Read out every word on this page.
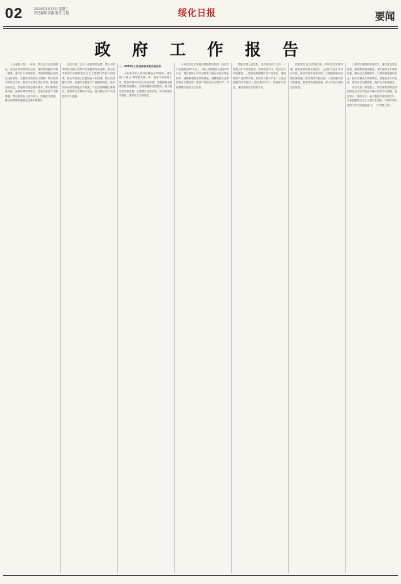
02	2024年3月13日 星期三
责任编辑 刘鑫 版式 王磊	绥化日报	要闻
政 府 工 作 报 告

（上接第一版）一年来，我们全力以赴稳增长，经济运行持续回升向好。坚持把发展作为第一要务，着力扩大有效需求，巩固和增强经济回升向好态势，主要经济指标好于预期。我们坚持实体经济为本，推动产业体系优化升级，新动能加快成长，发展质量效益稳步提升。我们坚持改革开放，营商环境持续优化，经营主体活力不断增强。我们坚持以人民为中心，加强民生保障，群众获得感幸福感安全感不断提升。

各位代表！过去一年取得的成绩，是以习近平同志为核心的党中央坚强领导的结果，是习近平新时代中国特色社会主义思想科学指引的结果，是全市各族人民团结奋斗的结果。我们也清醒认识到，发展中还面临不少困难和挑战，经济回升向好的基础还不稳固，产业结构调整任务艰巨，财政收支矛盾较为突出，部分群众生产生活还有不少困难。

二、2024年工作总体要求和目标任务

今年是中华人民共和国成立75周年，是实施“十四五”规划的关键一年。做好今年政府工作，要坚持稳中求进工作总基调，完整准确全面贯彻新发展理念，加快构建新发展格局，着力推动高质量发展，全面深化改革开放，切实增进民生福祉，保持社会大局稳定。

今年经济社会发展主要预期目标是：地区生产总值增长6%左右；一般公共预算收入增长5%左右；城乡居民人均可支配收入增长与经济增长同步；城镇新增就业持续增加，城镇调查失业率控制在合理区间；粮食产量稳定在合理水平；节能降碳完成省下达任务。

围绕实现上述目标，重点抓好以下工作：一是着力扩大有效投资，坚持项目为王，抓好重大项目建设；二是加快构建现代化产业体系，推动传统产业转型升级，培育壮大新兴产业；三是全面推进乡村振兴，稳定粮食生产，发展现代农业，建设宜居宜业和美乡村。

四是深化重点领域改革，持续优化营商环境，激发各类经营主体活力；五是扩大高水平对外开放，稳住外贸外资基本盘；六是推动城乡区域协调发展，提升城市功能品质；七是加强生态文明建设，推进绿色低碳发展，深入打好污染防治攻坚战。

八是切实保障和改善民生，落实就业优先政策，推进教育强市建设，深化医药卫生体制改革，健全社会保障体系；九是统筹发展和安全，防范化解重点领域风险，加强安全生产监管，提升社会治理效能，维护社会和谐稳定。

各位代表！新征程上，我们要更加紧密地团结在以习近平同志为核心的党中央周围，坚定信心、真抓实干，奋力推进中国式现代化，为全面建设社会主义现代化国家、实现中华民族伟大复兴而团结奋斗！（下转第三版）
